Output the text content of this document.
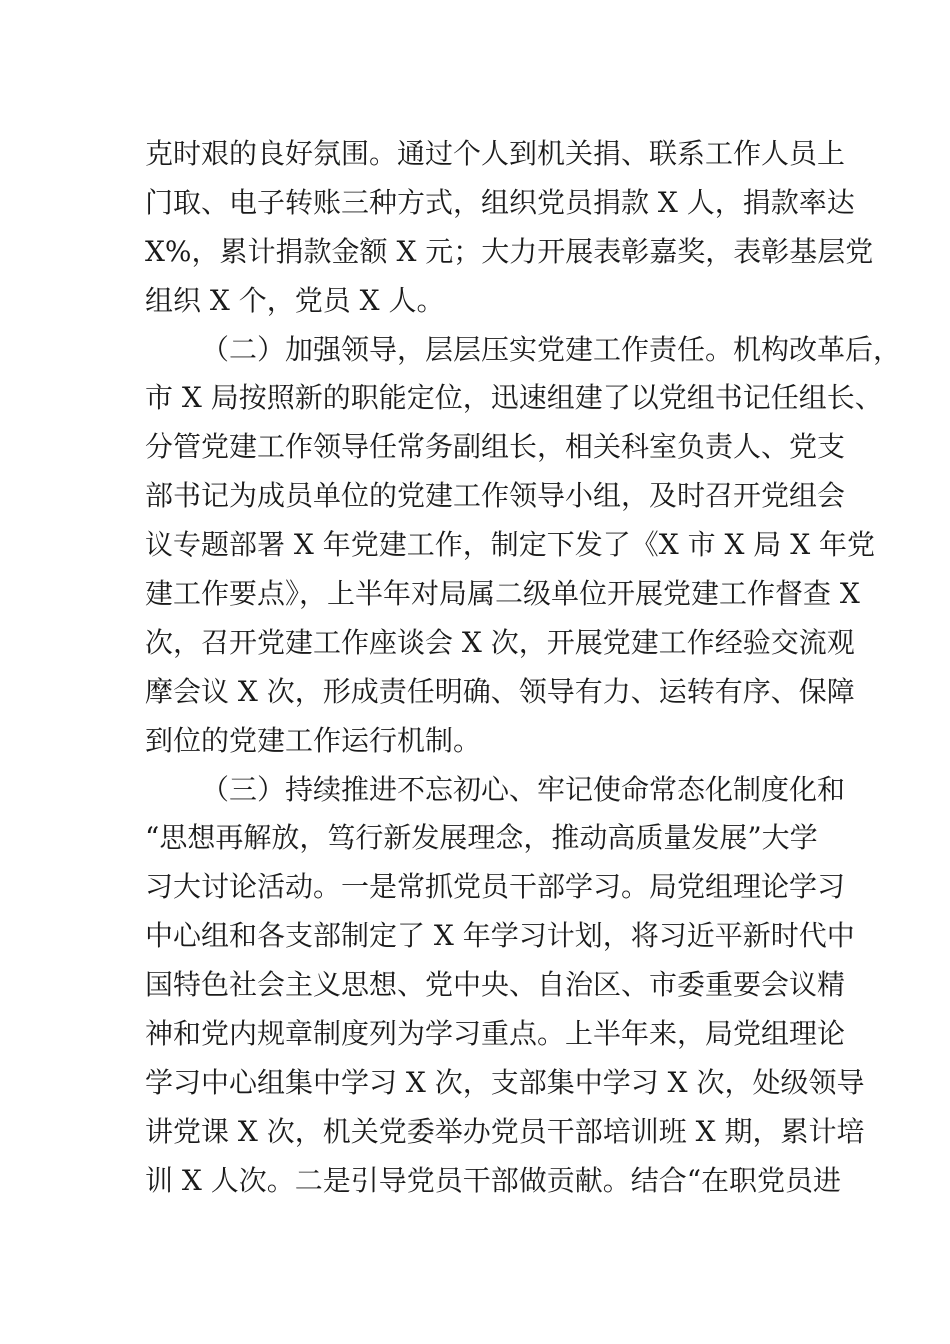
克时艰的良好氛围。通过个人到机关捐、联系工作人员上
门取、电子转账三种方式，组织党员捐款 X 人，捐款率达
X%，累计捐款金额 X 元；大力开展表彰嘉奖，表彰基层党
组织 X 个，党员 X 人。
（二）加强领导，层层压实党建工作责任。机构改革后，
市 X 局按照新的职能定位，迅速组建了以党组书记任组长、
分管党建工作领导任常务副组长，相关科室负责人、党支
部书记为成员单位的党建工作领导小组，及时召开党组会
议专题部署 X 年党建工作，制定下发了《X 市 X 局 X 年党
建工作要点》，上半年对局属二级单位开展党建工作督查 X
次，召开党建工作座谈会 X 次，开展党建工作经验交流观
摩会议 X 次，形成责任明确、领导有力、运转有序、保障
到位的党建工作运行机制。
（三）持续推进不忘初心、牢记使命常态化制度化和
“思想再解放，笃行新发展理念，推动高质量发展”大学
习大讨论活动。一是常抓党员干部学习。局党组理论学习
中心组和各支部制定了 X 年学习计划，将习近平新时代中
国特色社会主义思想、党中央、自治区、市委重要会议精
神和党内规章制度列为学习重点。上半年来，局党组理论
学习中心组集中学习 X 次，支部集中学习 X 次，处级领导
讲党课 X 次，机关党委举办党员干部培训班 X 期，累计培
训 X 人次。二是引导党员干部做贡献。结合“在职党员进
